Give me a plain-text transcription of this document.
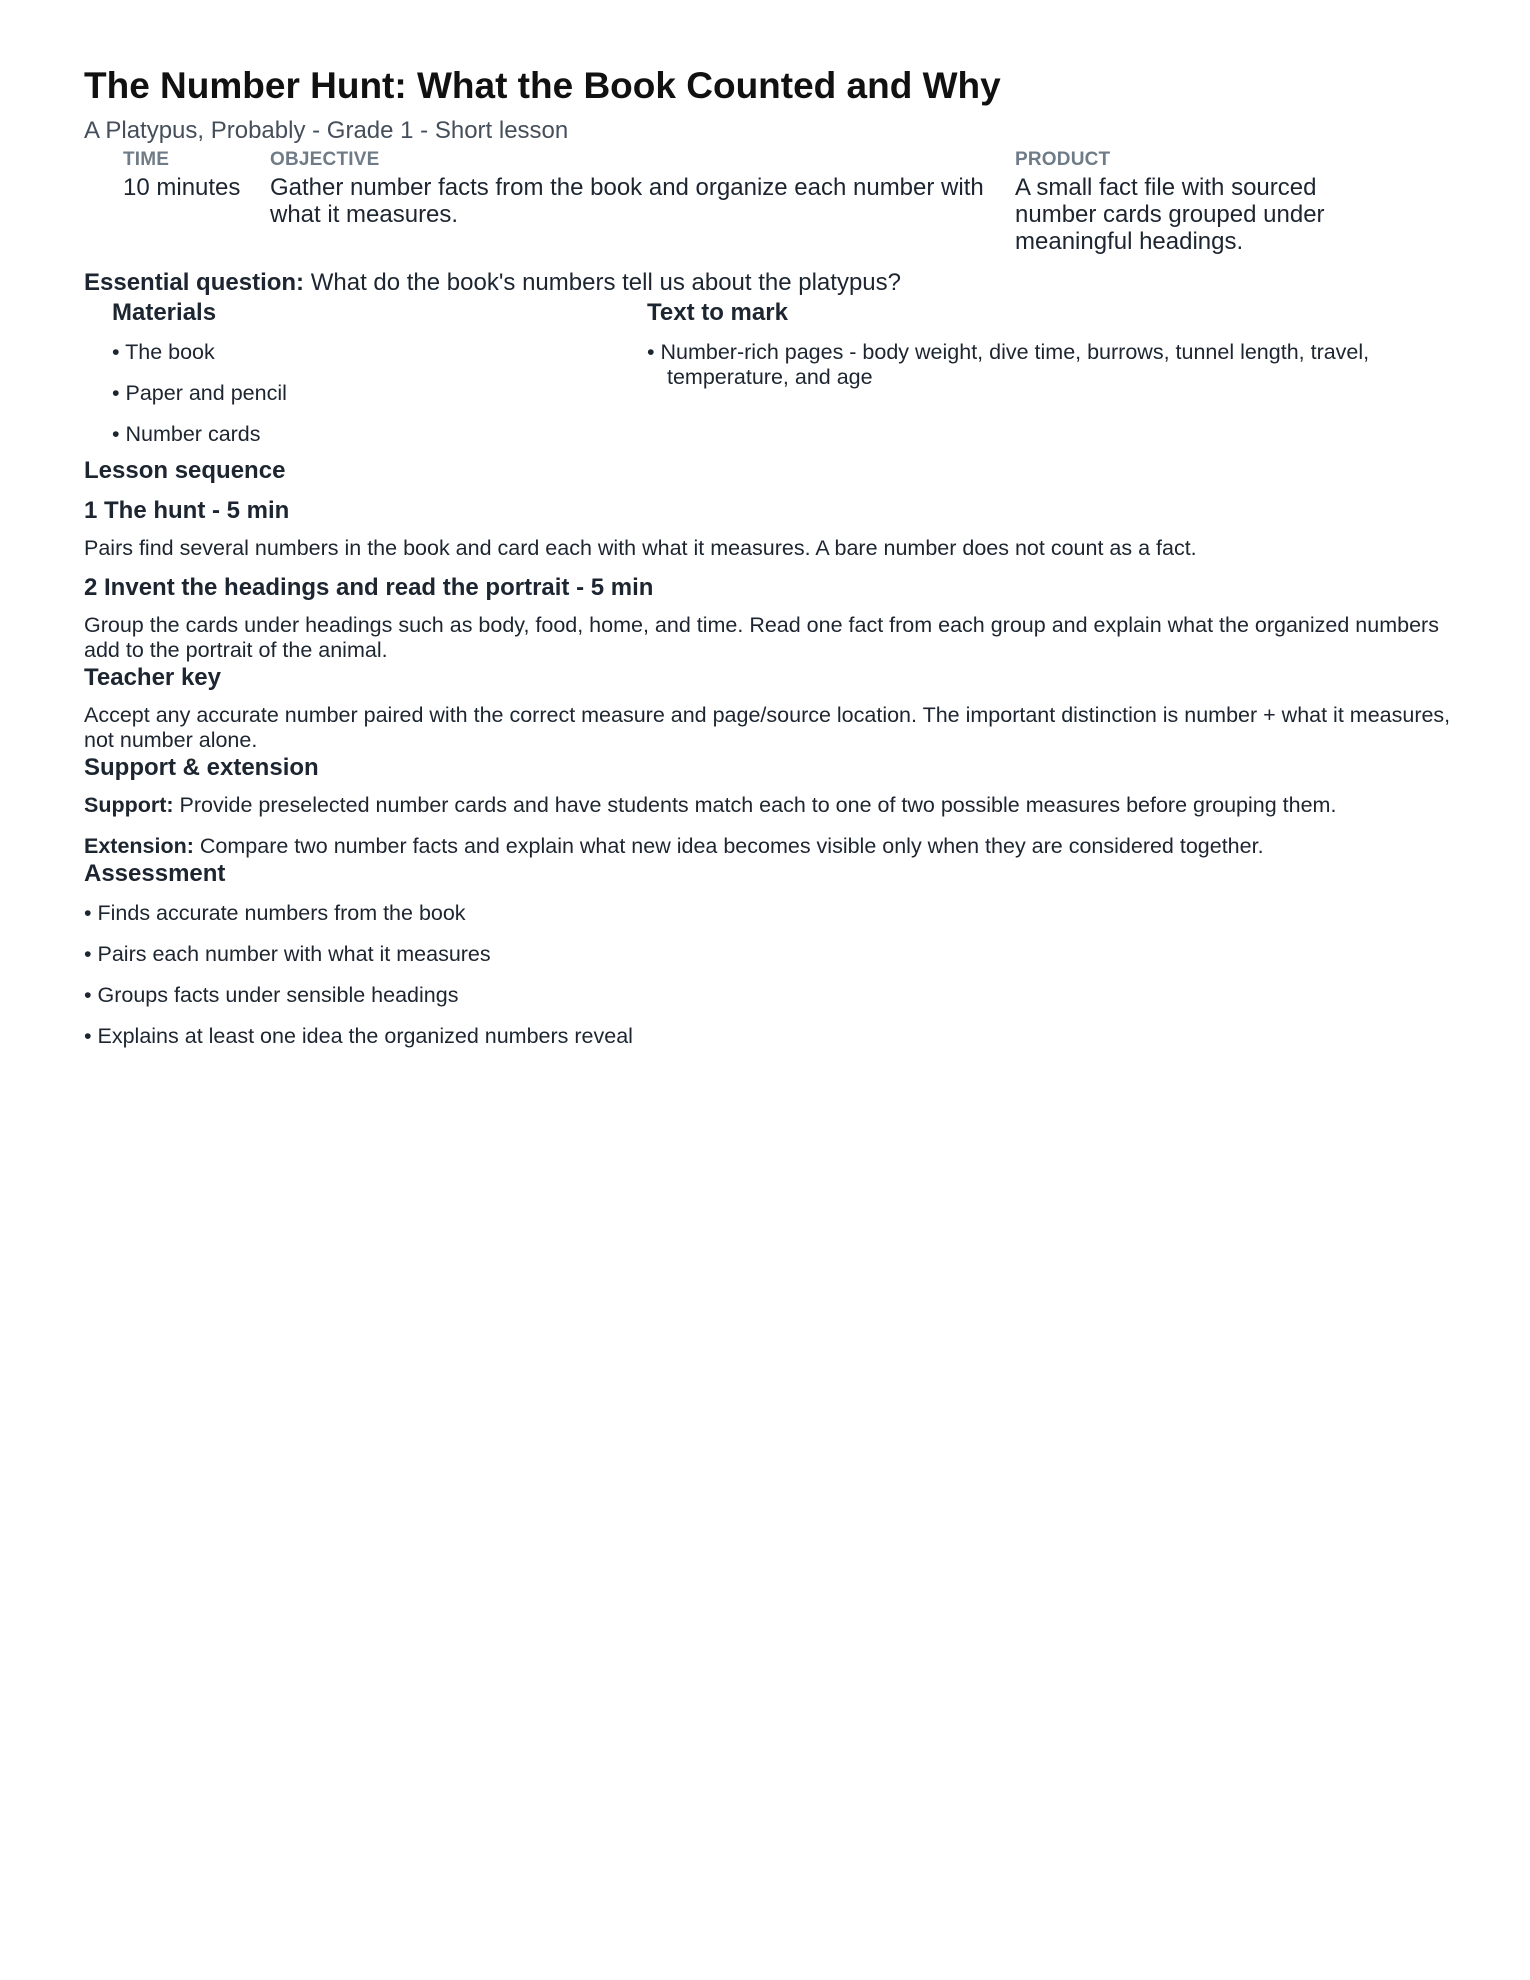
The Number Hunt: What the Book Counted and Why
A Platypus, Probably - Grade 1 - Short lesson
TIME
10 minutes
OBJECTIVE
Gather number facts from the book and organize each number with what it measures.
PRODUCT
A small fact file with sourced number cards grouped under meaningful headings.
Essential question: What do the book's numbers tell us about the platypus?
Materials
• The book
• Paper and pencil
• Number cards
Text to mark
• Number-rich pages - body weight, dive time, burrows, tunnel length, travel, temperature, and age
Lesson sequence
1 The hunt - 5 min
Pairs find several numbers in the book and card each with what it measures. A bare number does not count as a fact.
2 Invent the headings and read the portrait - 5 min
Group the cards under headings such as body, food, home, and time. Read one fact from each group and explain what the organized numbers add to the portrait of the animal.
Teacher key
Accept any accurate number paired with the correct measure and page/source location. The important distinction is number + what it measures, not number alone.
Support & extension
Support: Provide preselected number cards and have students match each to one of two possible measures before grouping them.
Extension: Compare two number facts and explain what new idea becomes visible only when they are considered together.
Assessment
• Finds accurate numbers from the book
• Pairs each number with what it measures
• Groups facts under sensible headings
• Explains at least one idea the organized numbers reveal
